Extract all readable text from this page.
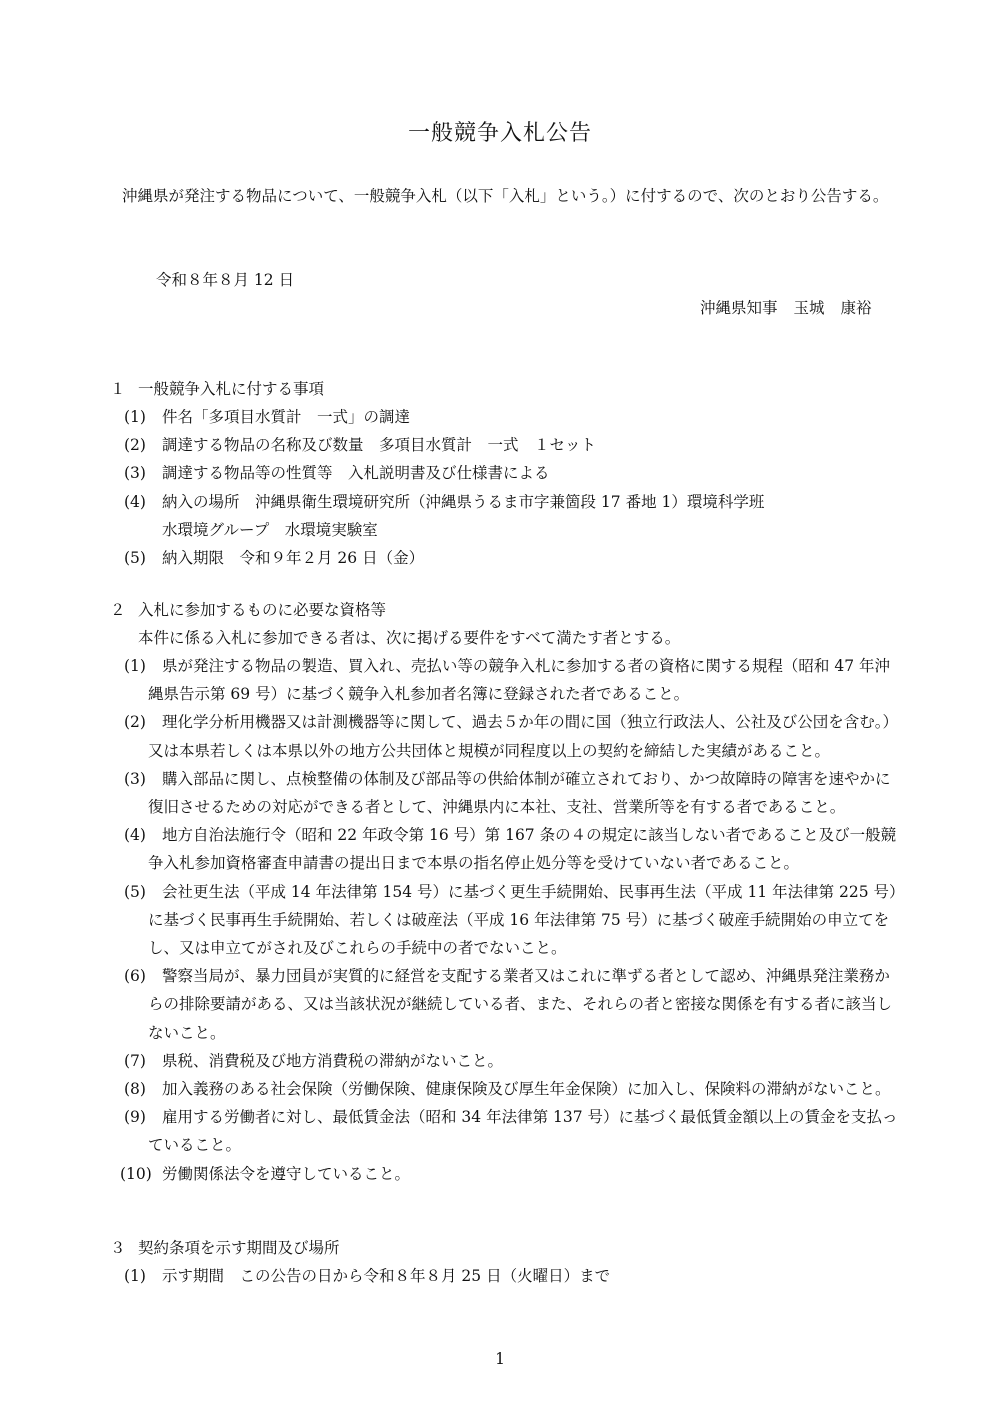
一般競争入札公告
沖縄県が発注する物品について、一般競争入札（以下「入札」という。）に付するので、次のとおり公告する。
令和８年８月 12 日
沖縄県知事 玉城 康裕
１ 一般競争入札に付する事項
(1)	件名「多項目水質計　一式」の調達
(2)	調達する物品の名称及び数量　多項目水質計　一式　１セット
(3)	調達する物品等の性質等　入札説明書及び仕様書による
(4)	納入の場所　沖縄県衛生環境研究所（沖縄県うるま市字兼箇段 17 番地 1）環境科学班
水環境グループ　水環境実験室
(5)	納入期限　令和９年２月 26 日（金）
２ 入札に参加するものに必要な資格等
本件に係る入札に参加できる者は、次に掲げる要件をすべて満たす者とする。
(1)	県が発注する物品の製造、買入れ、売払い等の競争入札に参加する者の資格に関する規程（昭和 47 年沖縄県告示第 69 号）に基づく競争入札参加者名簿に登録された者であること。
(2)	理化学分析用機器又は計測機器等に関して、過去５か年の間に国（独立行政法人、公社及び公団を含む。）又は本県若しくは本県以外の地方公共団体と規模が同程度以上の契約を締結した実績があること。
(3)	購入部品に関し、点検整備の体制及び部品等の供給体制が確立されており、かつ故障時の障害を速やかに復旧させるための対応ができる者として、沖縄県内に本社、支社、営業所等を有する者であること。
(4)	地方自治法施行令（昭和 22 年政令第 16 号）第 167 条の４の規定に該当しない者であること及び一般競争入札参加資格審査申請書の提出日まで本県の指名停止処分等を受けていない者であること。
(5)	会社更生法（平成 14 年法律第 154 号）に基づく更生手続開始、民事再生法（平成 11 年法律第 225 号）に基づく民事再生手続開始、若しくは破産法（平成 16 年法律第 75 号）に基づく破産手続開始の申立てをし、又は申立てがされ及びこれらの手続中の者でないこと。
(6)	警察当局が、暴力団員が実質的に経営を支配する業者又はこれに準ずる者として認め、沖縄県発注業務からの排除要請がある、又は当該状況が継続している者、また、それらの者と密接な関係を有する者に該当しないこと。
(7)	県税、消費税及び地方消費税の滞納がないこと。
(8)	加入義務のある社会保険（労働保険、健康保険及び厚生年金保険）に加入し、保険料の滞納がないこと。
(9)	雇用する労働者に対し、最低賃金法（昭和 34 年法律第 137 号）に基づく最低賃金額以上の賃金を支払っていること。
(10) 労働関係法令を遵守していること。
３ 契約条項を示す期間及び場所
(1)	示す期間　この公告の日から令和８年８月 25 日（火曜日）まで
1
